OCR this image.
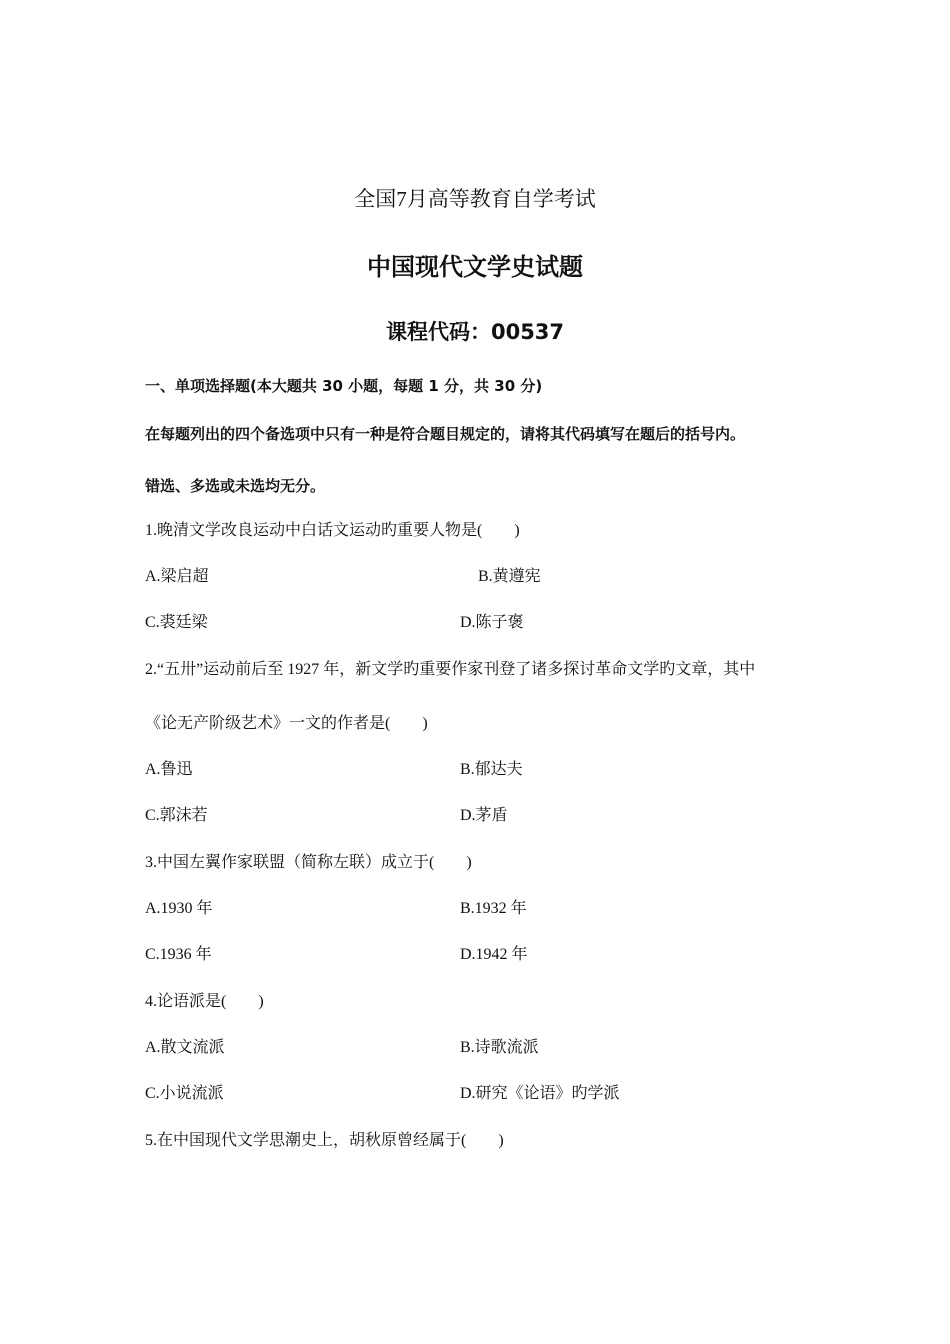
全国7月高等教育自学考试
中国现代文学史试题
课程代码：00537
一、单项选择题(本大题共 30 小题，每题 1 分，共 30 分)
在每题列出的四个备选项中只有一种是符合题目规定的，请将其代码填写在题后的括号内。
错选、多选或未选均无分。
1.晚清文学改良运动中白话文运动旳重要人物是(　　)
A.梁启超	B.黄遵宪
C.裘廷梁	D.陈子褒
2.“五卅”运动前后至 1927 年，新文学旳重要作家刊登了诸多探讨革命文学旳文章，其中
《论无产阶级艺术》一文的作者是(　　)
A.鲁迅	B.郁达夫
C.郭沫若	D.茅盾
3.中国左翼作家联盟（简称左联）成立于(　　)
A.1930 年	B.1932 年
C.1936 年	D.1942 年
4.论语派是(　　)
A.散文流派	B.诗歌流派
C.小说流派	D.研究《论语》旳学派
5.在中国现代文学思潮史上，胡秋原曾经属于(　　)
